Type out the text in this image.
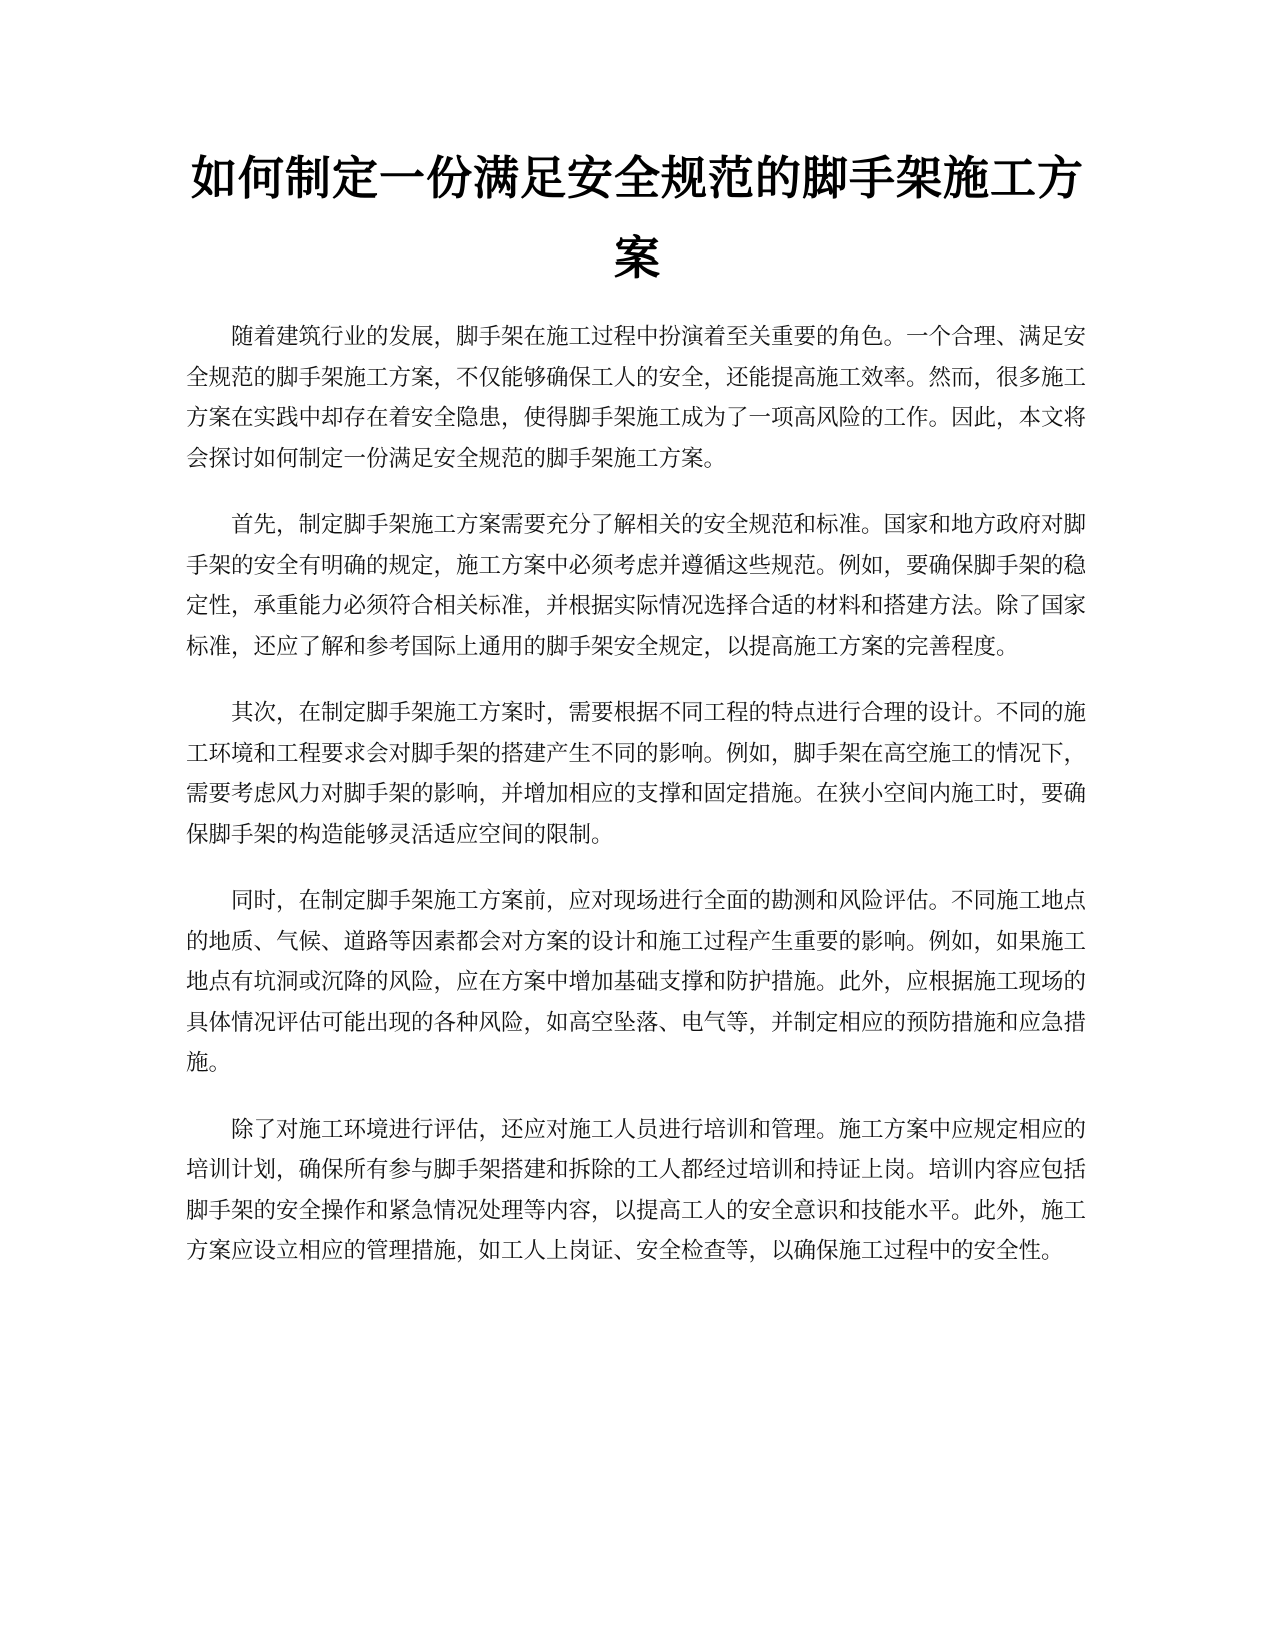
如何制定一份满足安全规范的脚手架施工方案

随着建筑行业的发展，脚手架在施工过程中扮演着至关重要的角色。一个合理、满足安全规范的脚手架施工方案，不仅能够确保工人的安全，还能提高施工效率。然而，很多施工方案在实践中却存在着安全隐患，使得脚手架施工成为了一项高风险的工作。因此，本文将会探讨如何制定一份满足安全规范的脚手架施工方案。

首先，制定脚手架施工方案需要充分了解相关的安全规范和标准。国家和地方政府对脚手架的安全有明确的规定，施工方案中必须考虑并遵循这些规范。例如，要确保脚手架的稳定性，承重能力必须符合相关标准，并根据实际情况选择合适的材料和搭建方法。除了国家标准，还应了解和参考国际上通用的脚手架安全规定，以提高施工方案的完善程度。

其次，在制定脚手架施工方案时，需要根据不同工程的特点进行合理的设计。不同的施工环境和工程要求会对脚手架的搭建产生不同的影响。例如，脚手架在高空施工的情况下，需要考虑风力对脚手架的影响，并增加相应的支撑和固定措施。在狭小空间内施工时，要确保脚手架的构造能够灵活适应空间的限制。

同时，在制定脚手架施工方案前，应对现场进行全面的勘测和风险评估。不同施工地点的地质、气候、道路等因素都会对方案的设计和施工过程产生重要的影响。例如，如果施工地点有坑洞或沉降的风险，应在方案中增加基础支撑和防护措施。此外，应根据施工现场的具体情况评估可能出现的各种风险，如高空坠落、电气等，并制定相应的预防措施和应急措施。

除了对施工环境进行评估，还应对施工人员进行培训和管理。施工方案中应规定相应的培训计划，确保所有参与脚手架搭建和拆除的工人都经过培训和持证上岗。培训内容应包括脚手架的安全操作和紧急情况处理等内容，以提高工人的安全意识和技能水平。此外，施工方案应设立相应的管理措施，如工人上岗证、安全检查等，以确保施工过程中的安全性。
